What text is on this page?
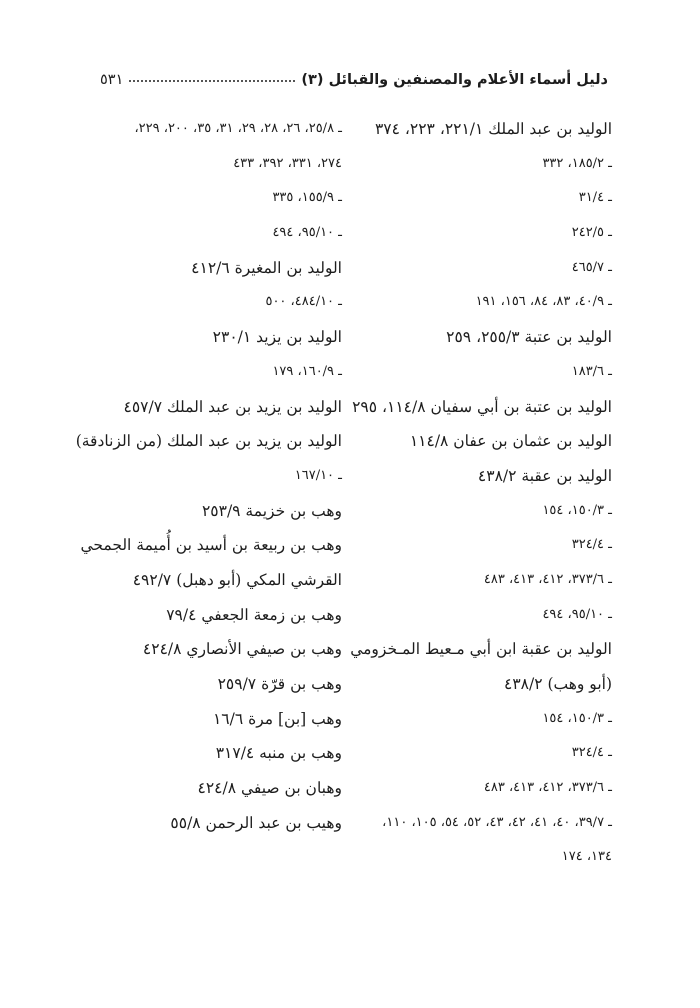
دليل أسماء الأعلام والمصنفين والقبائل (٣)
٥٣١
الوليد بن عبد الملك ٢٢١/١، ٢٢٣، ٣٧٤
ـ ١٨٥/٢، ٣٣٢
ـ ٣١/٤
ـ ٢٤٢/٥
ـ ٤٦٥/٧
ـ ٤٠/٩، ٨٣، ٨٤، ١٥٦، ١٩١
الوليد بن عتبة ٢٥٥/٣، ٢٥٩
ـ ١٨٣/٦
الوليد بن عتبة بن أبي سفيان ١١٤/٨، ٢٩٥
الوليد بن عثمان بن عفان ١١٤/٨
الوليد بن عقبة ٤٣٨/٢
ـ ١٥٠/٣، ١٥٤
ـ ٣٢٤/٤
ـ ٣٧٣/٦، ٤١٢، ٤١٣، ٤٨٣
ـ ٩٥/١٠، ٤٩٤
الوليد بن عقبة ابن أبي مـعيط المـخزومي
(أبو وهب) ٤٣٨/٢
ـ ١٥٠/٣، ١٥٤
ـ ٣٢٤/٤
ـ ٣٧٣/٦، ٤١٢، ٤١٣، ٤٨٣
ـ ٣٩/٧، ٤٠، ٤١، ٤٢، ٤٣، ٥٢، ٥٤، ١٠٥، ١١٠،
١٣٤، ١٧٤
ـ ٢٥/٨، ٢٦، ٢٨، ٢٩، ٣١، ٣٥، ٢٠٠، ٢٢٩،
٢٧٤، ٣٣١، ٣٩٢، ٤٣٣
ـ ١٥٥/٩، ٣٣٥
ـ ٩٥/١٠، ٤٩٤
الوليد بن المغيرة ٤١٢/٦
ـ ٤٨٤/١٠، ٥٠٠
الوليد بن يزيد ٢٣٠/١
ـ ١٦٠/٩، ١٧٩
الوليد بن يزيد بن عبد الملك ٤٥٧/٧
الوليد بن يزيد بن عبد الملك (من الزنادقة)
ـ ١٦٧/١٠
وهب بن خزيمة ٢٥٣/٩
وهب بن ربيعة بن أسيد بن أُميمة الجمحي
القرشي المكي (أبو دهبل) ٤٩٢/٧
وهب بن زمعة الجعفي ٧٩/٤
وهب بن صيفي الأنصاري ٤٢٤/٨
وهب بن قرّة ٢٥٩/٧
وهب [بن] مرة ١٦/٦
وهب بن منبه ٣١٧/٤
وهبان بن صيفي ٤٢٤/٨
وهيب بن عبد الرحمن ٥٥/٨
